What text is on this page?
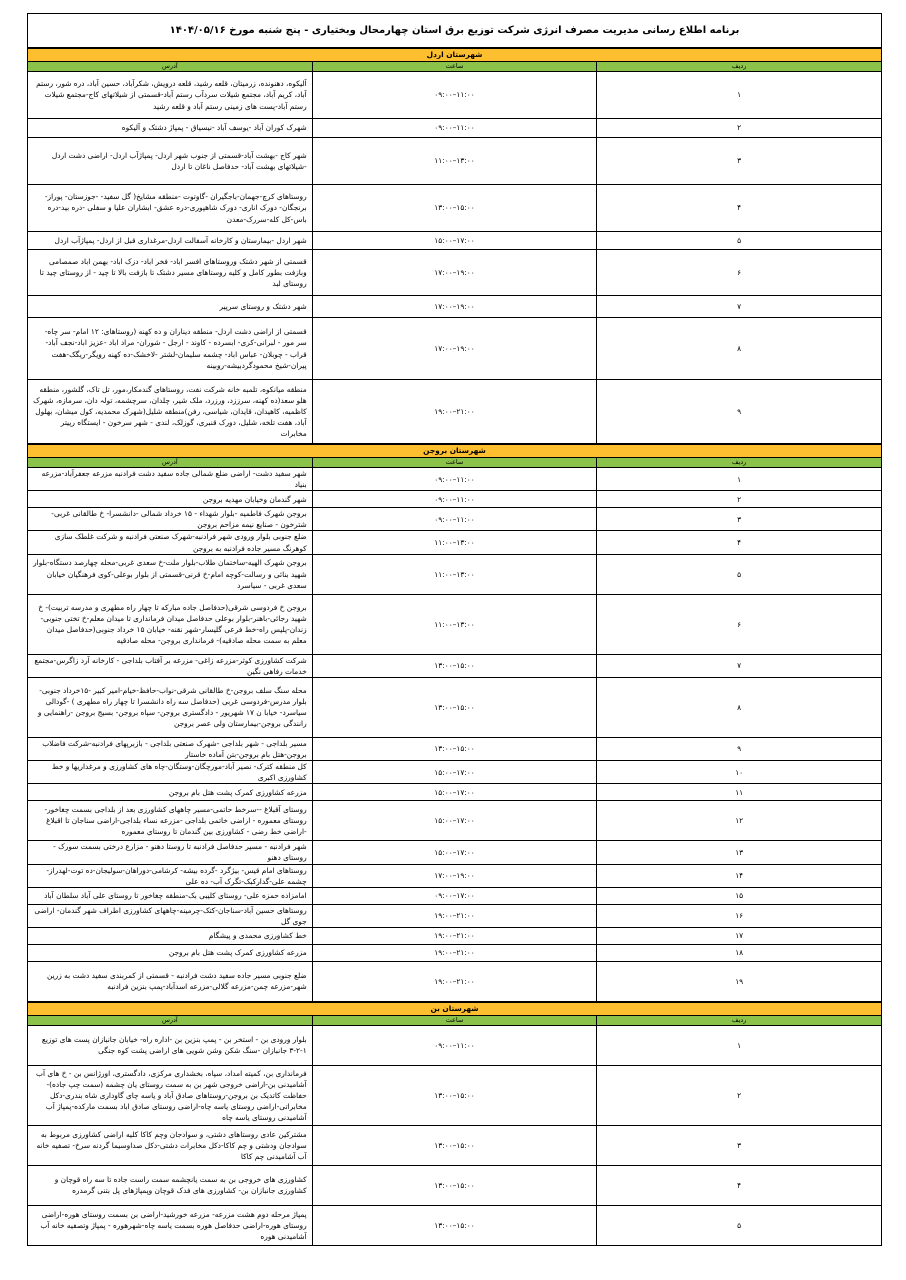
برنامه اطلاع رسانی مدیریت مصرف انرژی شرکت توزیع برق استان چهارمحال وبختیاری - پنج شنبه مورخ ۱۴۰۴/۰۵/۱۶
شهرستان اردل		
ردیف	ساعت	آدرس
۱	۰۹:۰۰–۱۱:۰۰	آلیکوه، دهنونده، زرمیتان، قلعه رشید، قلعه درویش، شکرآباد، حسین آباد، دره شور، رستم آباد، کریم آباد، مجتمع شیلات سردآب رستم آباد-قسمتی از شیلاتهای کاج-مجتمع شیلات رستم آباد-پست های زمینی رستم آباد و قلعه رشید
۲	۰۹:۰۰–۱۱:۰۰	شهرک کوران آباد -یوسف آباد -نیسیاق - پمپاژ دشتک و آلیکوه
۳	۱۱:۰۰–۱۳:۰۰	شهر کاج -بهشت آباد-قسمتی از جنوب شهر اردل- پمپاژآب اردل- اراضی دشت اردل -شیلاتهای بهشت آباد- حدفاصل ناغان تا اردل
۴	۱۳:۰۰–۱۵:۰۰	روستاهای کرچ-جهمان-باجگیران -گاوتوت -منطقه مشایخ( گل سفید- -جوزستان- پوراز- برنجگان- دورک اناری- دورک شاهپوری-دره عشق- ابشاران علیا و سفلی -دره بید-دره باس-کل کله-سررک-معدن
۵	۱۵:۰۰–۱۷:۰۰	شهر اردل -بیمارستان و کارخانه آسفالت اردل-مرغداری قبل از اردل- پمپاژآب اردل
۶	۱۷:۰۰–۱۹:۰۰	قسمتی از شهر دشتک وروستاهای افسر اباد- فخر اباد- دزک اباد- بهمن اباد صمصامی وبازفت بطور کامل و کلیه روستاهای مسیر دشتک تا بازفت بالا تا چید - از روستای چید تا روستای لبد
۷	۱۷:۰۰–۱۹:۰۰	شهر دشتک و روستای سرپیر
۸	۱۷:۰۰–۱۹:۰۰	قسمتی از اراضی دشت اردل- منطقه دیناران و ده کهنه (روستاهای: ۱۲ امام- سر چاه- سر مور - لبرانی-کری- ابسرده - کاوند - ارجل - شوران- مراد اباد -عزیز اباد-نجف آباد- قراب - چوبلان- عباس اباد- چشمه سلیمان-لشتر -لاخشک-ده کهنه رویگر-ریگک-هفت پیران-شیخ محمودگردبیشه-روبینه
۹	۱۹:۰۰–۲۱:۰۰	منطقه میانکوه، تلمبه خانه شرکت نفت، روستاهای گندمکار،مور، تل تاک، گلشور، منطقه هلو سعد(ده کهنه، سرززد، ورزرد، ملک شیر، چلدان، سرچشمه، تولہ دان، سرمازه، شهرک کاظمیه، کاهیدان، قایدان، شیاسی، رفن)منطقه شلیل(شهرک محمدیه، کول میشان، بهلول آباد، هفت تلخه، شلیل، دورک قنبری، گوزلک، لندی - شهر سرخون - ایستگاه رپیتر مخابرات
شهرستان بروجن		
ردیف	ساعت	آدرس
۱	۰۹:۰۰–۱۱:۰۰	شهر سفید دشت- اراضی ضلع شمالی جاده سفید دشت فرادنبه مزرعه جعفرآباد-مزرعه بنیاد
۲	۰۹:۰۰–۱۱:۰۰	شهر گندمان وخیابان مهدیه بروجن
۳	۰۹:۰۰–۱۱:۰۰	بروجن شهرک فاطمیه -بلوار شهداء - ۱۵ خرداد شمالی -دانشسرا- خ طالقانی غربی-شترخون - صنایع نیمه مزاحم بروجن
۴	۱۱:۰۰–۱۳:۰۰	ضلع جنوبی بلوار ورودی شهر فرادنبه-شهرک صنعتی فرادنبه و شرکت غلطک سازی کوهرنگ مسیر جاده فرادنبه به بروجن
۵	۱۱:۰۰–۱۳:۰۰	بروجن شهرک الهیه-ساختمان طلاب-بلوار ملت-خ سعدی غربی-محله چهارصد دستگاه-بلوار شهید بنائی و رسالت-کوچه امام-خ قرنی-قسمتی از بلوار بوعلی-کوی فرهنگیان خیابان سعدی غربی - سیاسرد
۶	۱۱:۰۰–۱۳:۰۰	بروجن خ فردوسی شرقی(حدفاصل جاده مبارکه تا چهار راه مطهری و مدرسه تربیت)- خ شهید رجائی-باهنر-بلوار بوعلی حدفاصل میدان فرمانداری تا میدان معلم-خ تختی جنوبی-زندان-پلیس راه-خط فرعی گلیسار-شهر نقنه- خیابان ۱۵ خرداد جنوبی(حدفاصل میدان معلم به سمت محله صادقیه)- فرمانداری بروجن- محله صادقیه
۷	۱۳:۰۰–۱۵:۰۰	شرکت کشاورزی کوثر-مزرعه زاغی- مزرعه بر آفتاب بلداجی - کارخانه آرد زاگرس-مجتمع خدمات رفاهی نگین
۸	۱۳:۰۰–۱۵:۰۰	محله سنگ سلف بروجن-خ طالقانی شرقی-نواب-حافظ-خیام-امیر کبیر -۱۵خرداد جنوبی-بلوار مدرس-فردوسی غربی (حدفاصل سه راه دانشسرا تا چهار راه مطهری ) -گودالی سیاسرد- خیابا ن ۱۷ شهریور - دادگستری بروجن- سپاه بروجن- بسیج بروجن -راهنمایی و رانندگی بروجن-بیمارستان ولی عصر بروجن
۹	۱۳:۰۰–۱۵:۰۰	مسیر بلداجی - شهر بلداجی -شهرک صنعتی بلداجی - بازبرپهای فرادنبه-شرکت فاضلاب بروجن-هتل بام بروجن-بتن آماده خاستار
۱۰	۱۵:۰۰–۱۷:۰۰	کل منطقه کترک- نصیر آباد-مورچگان-وستگان-چاه های کشاورزی و مرغداریها و خط کشاورزی اکبری
۱۱	۱۵:۰۰–۱۷:۰۰	مزرعه کشاورزی کمرک پشت هتل بام بروجن
۱۲	۱۵:۰۰–۱۷:۰۰	روستای آقبلاغ --سرخط حاتمی-مسیر چاههای کشاورزی بعد از بلداجی بسمت چغاخور-روستای معموره - اراضی خاتمی بلداجی -مزرعه نساء بلداجی-اراضی سناجان تا اقبلاغ -اراضی خط رضی - کشاورزی بین گندمان تا روستای معموره
۱۳	۱۵:۰۰–۱۷:۰۰	شهر فرادنبه - مسیر حدفاصل فرادنبه تا روستا دهنو - مزارع درختی بسمت سورک - روستای دهنو
۱۴	۱۷:۰۰–۱۹:۰۰	روستاهای امام قیس- بیژگرد -گرده بیشه- کرشامی-دوراهان-سولیجان-ده توت-لهدراز-چشمه علی-گدارکبک-تگرک آب- ده علی
۱۵	۰۹:۰۰–۱۷:۰۰	امامزاده حمزه علی- روستای کلیبی بک-منطقه چغاخور تا روستای علی آباد سلطان آباد
۱۶	۱۹:۰۰–۲۱:۰۰	روستاهای حسین آباد-سناجان-کتک-چرمینه-چاههای کشاورزی اطراف شهر گندمان- اراضی جوی گل
۱۷	۱۹:۰۰–۲۱:۰۰	خط کشاورزی محمدی و پیشگام
۱۸	۱۹:۰۰–۲۱:۰۰	مزرعه کشاورزی کمرک پشت هتل بام بروجن
۱۹	۱۹:۰۰–۲۱:۰۰	ضلع جنوبی مسیر جاده سفید دشت فرادنبه - قسمتی از کمربندی سفید دشت به زرین شهر-مزرعه چمن-مزرعه گلالی-مزرعه اسدآباد-پمپ بنزین فرادنبه
شهرستان بن		
ردیف	ساعت	آدرس
۱	۰۹:۰۰–۱۱:۰۰	بلوار ورودی بن - استخر بن - پمپ بنزین بن -اداره راه- خیابان جانبازان پست های توزیع ۱-۲-۳ جانبازان -سنگ شکن وشن شویی های اراضی پشت کوه جنگی
۲	۱۳:۰۰–۱۵:۰۰	فرمانداری بن، کمیته امداد، سپاه، بخشداری مرکزی، دادگستری، اورژانس بن - خ های آب آشامیدنی بن-اراضی خروجی شهر بن به سمت روستای یان چشمه (سمت چپ جاده)- حفاظت کاتدیک بن بروجن-روستاهای صادق آباد و یاسه چای گاوداری شاه بندری-دکل مخابراتی-اراضی روستای یاسه چاه-اراضی روستای صادق اباد بسمت مارکده-پمپاژ آب آشامیدنی روستای یاسه چاه
۳	۱۳:۰۰–۱۵:۰۰	مشترکین عادی روستاهای دشتی، و سوادجان وچم کاکا کلیه اراضی کشاورزی مربوط به سوادجان ودشتی و چم کاکا-دکل مخابرات دشتی-دکل صداوسیما گردنه سرخ- تصفیه خانه آب آشامیدنی چم کاکا
۴	۱۳:۰۰–۱۵:۰۰	کشاورزی های خروجی بن به سمت یانچشمه سمت راست جاده تا سه راه قوچان و کشاورزی جانبازان بن- کشاورزی های فدک قوچان وپمپاژهای پل بتنی گرمدره
۵	۱۳:۰۰–۱۵:۰۰	پمپاژ مرحله دوم هشت مزرعه- مزرعه خورشید-اراضی بن بسمت روستای هوره-اراضی روستای هوره-اراضی حدفاصل هوره بسمت یاسه چاه-شهرهوره - پمپاژ وتصفیه خانه آب آشامیدنی هوره
